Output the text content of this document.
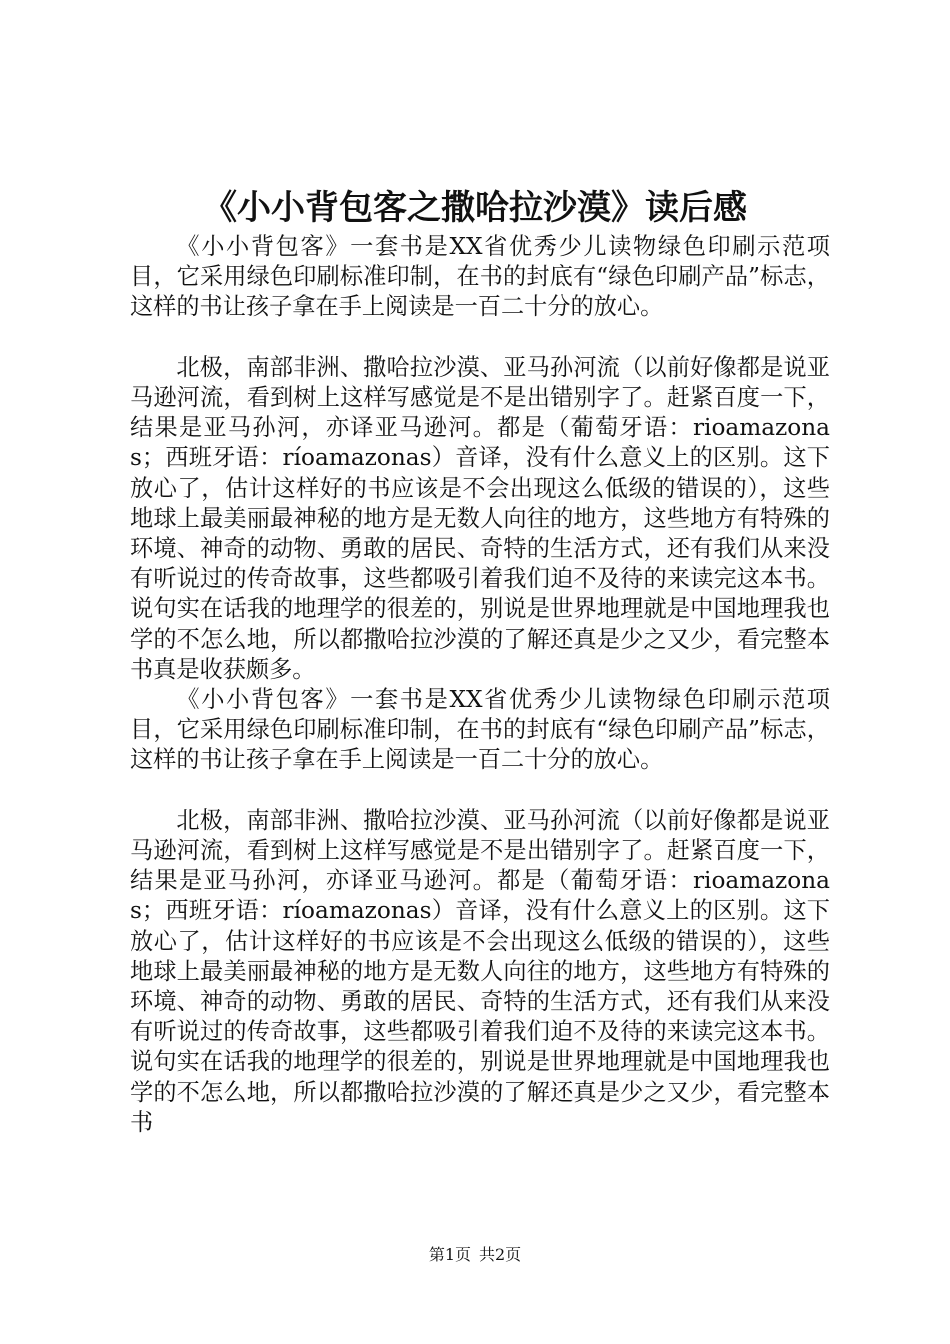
《小小背包客之撒哈拉沙漠》读后感

《小小背包客》一套书是XX省优秀少儿读物绿色印刷示范项目，它采用绿色印刷标准印制，在书的封底有“绿色印刷产品”标志，这样的书让孩子拿在手上阅读是一百二十分的放心。

北极，南部非洲、撒哈拉沙漠、亚马孙河流（以前好像都是说亚马逊河流，看到树上这样写感觉是不是出错别字了。赶紧百度一下，结果是亚马孙河，亦译亚马逊河。都是（葡萄牙语：rioamazonas；西班牙语：ríoamazonas）音译，没有什么意义上的区别。这下放心了，估计这样好的书应该是不会出现这么低级的错误的），这些地球上最美丽最神秘的地方是无数人向往的地方，这些地方有特殊的环境、神奇的动物、勇敢的居民、奇特的生活方式，还有我们从来没有听说过的传奇故事，这些都吸引着我们迫不及待的来读完这本书。说句实在话我的地理学的很差的，别说是世界地理就是中国地理我也学的不怎么地，所以都撒哈拉沙漠的了解还真是少之又少，看完整本书真是收获颇多。

《小小背包客》一套书是XX省优秀少儿读物绿色印刷示范项目，它采用绿色印刷标准印制，在书的封底有“绿色印刷产品”标志，这样的书让孩子拿在手上阅读是一百二十分的放心。

北极，南部非洲、撒哈拉沙漠、亚马孙河流（以前好像都是说亚马逊河流，看到树上这样写感觉是不是出错别字了。赶紧百度一下，结果是亚马孙河，亦译亚马逊河。都是（葡萄牙语：rioamazonas；西班牙语：ríoamazonas）音译，没有什么意义上的区别。这下放心了，估计这样好的书应该是不会出现这么低级的错误的），这些地球上最美丽最神秘的地方是无数人向往的地方，这些地方有特殊的环境、神奇的动物、勇敢的居民、奇特的生活方式，还有我们从来没有听说过的传奇故事，这些都吸引着我们迫不及待的来读完这本书。说句实在话我的地理学的很差的，别说是世界地理就是中国地理我也学的不怎么地，所以都撒哈拉沙漠的了解还真是少之又少，看完整本书

第1页 共2页
